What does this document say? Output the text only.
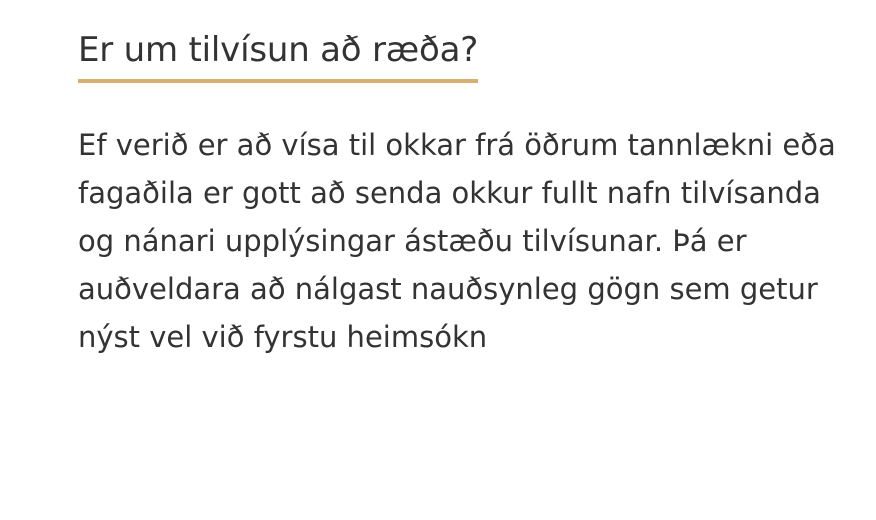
Er um tilvísun að ræða?

Ef verið er að vísa til okkar frá öðrum tannlækni eða fagaðila er gott að senda okkur fullt nafn tilvísanda og nánari upplýsingar ástæðu tilvísunar. Þá er auðveldara að nálgast nauðsynleg gögn sem getur nýst vel við fyrstu heimsókn
